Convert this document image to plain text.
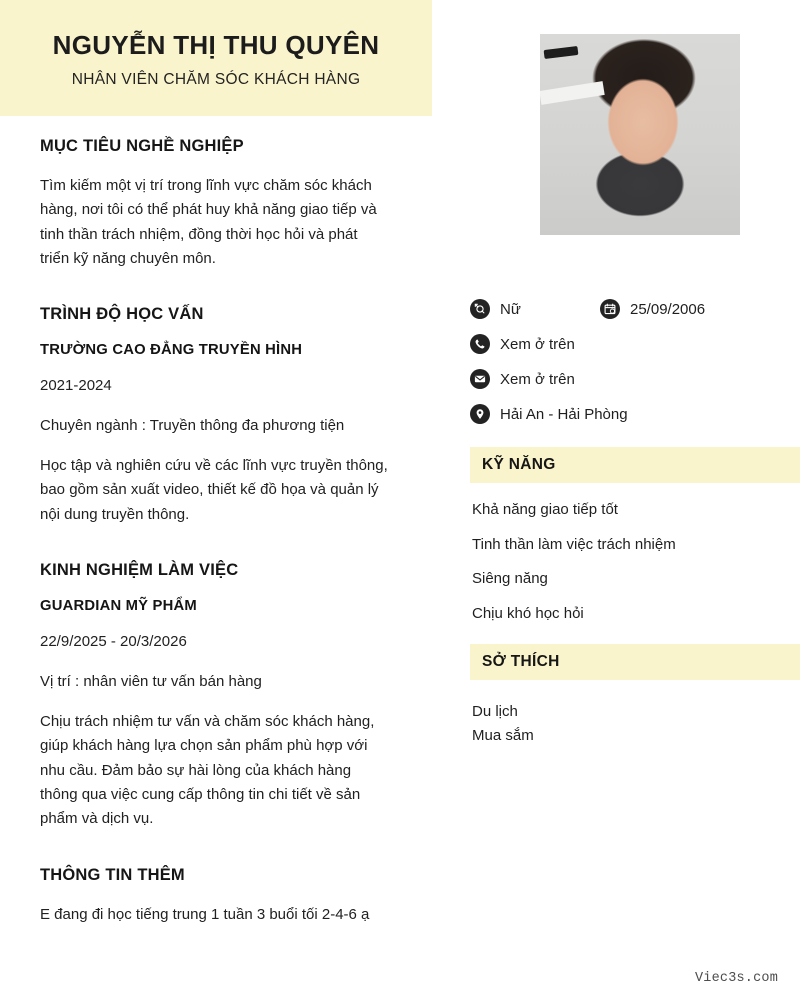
NGUYỄN THỊ THU QUYÊN
NHÂN VIÊN CHĂM SÓC KHÁCH HÀNG
MỤC TIÊU NGHỀ NGHIỆP
Tìm kiếm một vị trí trong lĩnh vực chăm sóc khách hàng, nơi tôi có thể phát huy khả năng giao tiếp và tinh thần trách nhiệm, đồng thời học hỏi và phát triển kỹ năng chuyên môn.
TRÌNH ĐỘ HỌC VẤN
TRƯỜNG CAO ĐẲNG TRUYỀN HÌNH
2021-2024
Chuyên ngành : Truyền thông đa phương tiện
Học tập và nghiên cứu về các lĩnh vực truyền thông, bao gồm sản xuất video, thiết kế đồ họa và quản lý nội dung truyền thông.
KINH NGHIỆM LÀM VIỆC
GUARDIAN MỸ PHẨM
22/9/2025 - 20/3/2026
Vị trí : nhân viên tư vấn bán hàng
Chịu trách nhiệm tư vấn và chăm sóc khách hàng, giúp khách hàng lựa chọn sản phẩm phù hợp với nhu cầu. Đảm bảo sự hài lòng của khách hàng thông qua việc cung cấp thông tin chi tiết về sản phẩm và dịch vụ.
THÔNG TIN THÊM
E đang đi học tiếng trung 1 tuần 3 buổi tối 2-4-6 ạ
Nữ	25/09/2006
Xem ở trên
Xem ở trên
Hải An - Hải Phòng
KỸ NĂNG
Khả năng giao tiếp tốt
Tinh thần làm việc trách nhiệm
Siêng năng
Chịu khó học hỏi
SỞ THÍCH
Du lịch
Mua sắm
Viec3s.com
